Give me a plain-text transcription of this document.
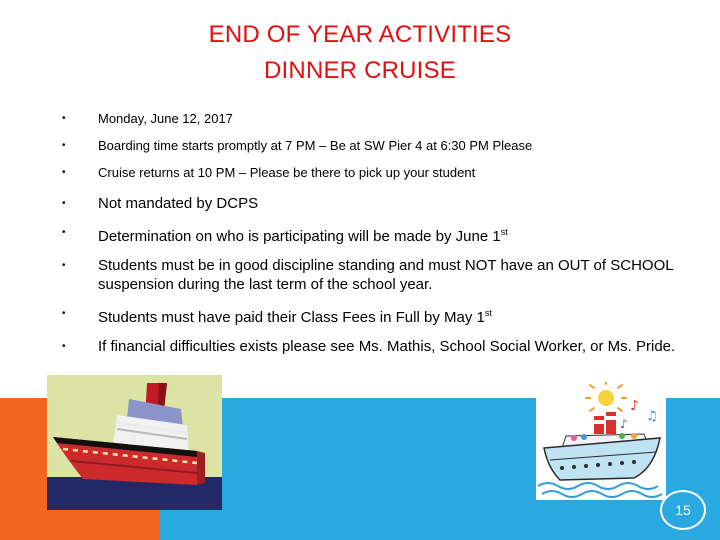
END OF YEAR ACTIVITIES
DINNER CRUISE
• Monday, June 12, 2017
• Boarding time starts promptly at 7 PM – Be at SW Pier 4 at 6:30 PM Please
• Cruise returns at 10 PM – Please be there to pick up your student
• Not mandated by DCPS
• Determination on who is participating will be made by June 1st
• Students must be in good discipline standing and must NOT have an OUT of SCHOOL suspension during the last term of the school year.
• Students must have paid their Class Fees in Full by May 1st
• If financial difficulties exists please see Ms. Mathis, School Social Worker, or Ms. Pride.
♪
♫
♪
15
